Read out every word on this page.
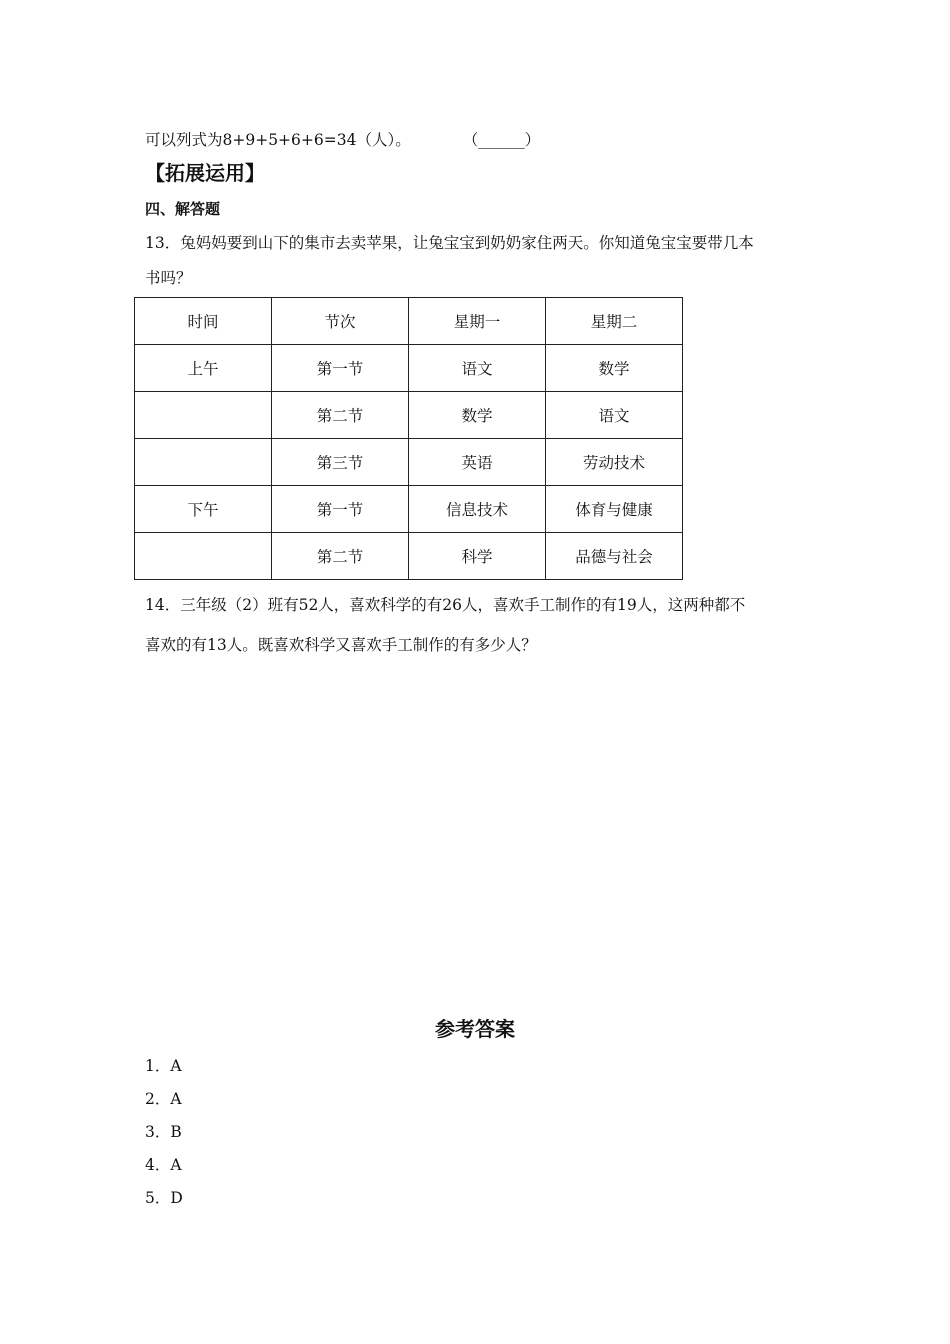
可以列式为8+9+5+6+6=34（人）。	（______）
【拓展运用】
四、解答题
13．兔妈妈要到山下的集市去卖苹果，让兔宝宝到奶奶家住两天。你知道兔宝宝要带几本
书吗？
时间	节次	星期一	星期二
上午	第一节	语文	数学
	第二节	数学	语文
	第三节	英语	劳动技术
下午	第一节	信息技术	体育与健康
	第二节	科学	品德与社会
14．三年级（2）班有52人，喜欢科学的有26人，喜欢手工制作的有19人，这两种都不
喜欢的有13人。既喜欢科学又喜欢手工制作的有多少人？
参考答案
1．A
2．A
3．B
4．A
5．D
